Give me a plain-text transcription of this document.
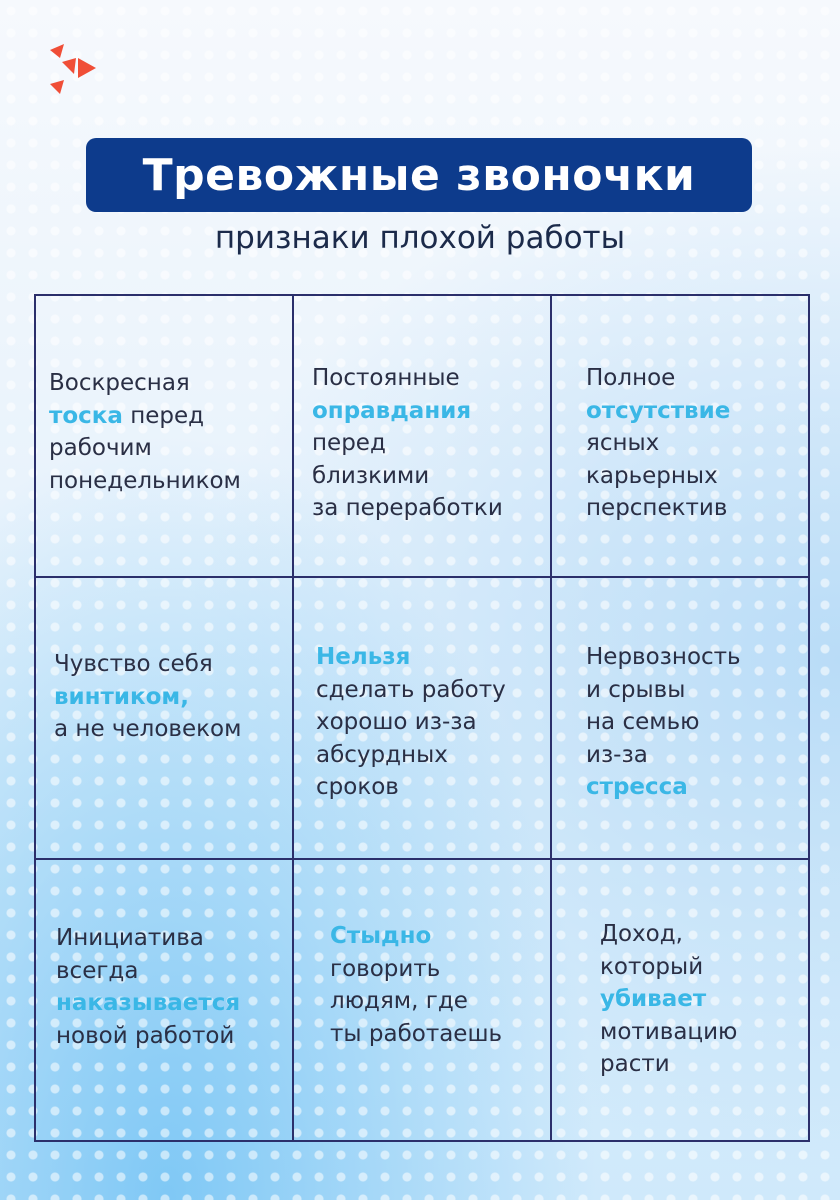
Тревожные звоночки
признаки плохой работы
Воскресная
тоска перед
рабочим
понедельником
Постоянные
оправдания
перед
близкими
за переработки
Полное
отсутствие
ясных
карьерных
перспектив
Чувство себя
винтиком,
а не человеком
Нельзя
сделать работу
хорошо из-за
абсурдных
сроков
Нервозность
и срывы
на семью
из-за
стресса
Инициатива
всегда
наказывается
новой работой
Стыдно
говорить
людям, где
ты работаешь
Доход,
который
убивает
мотивацию
расти
